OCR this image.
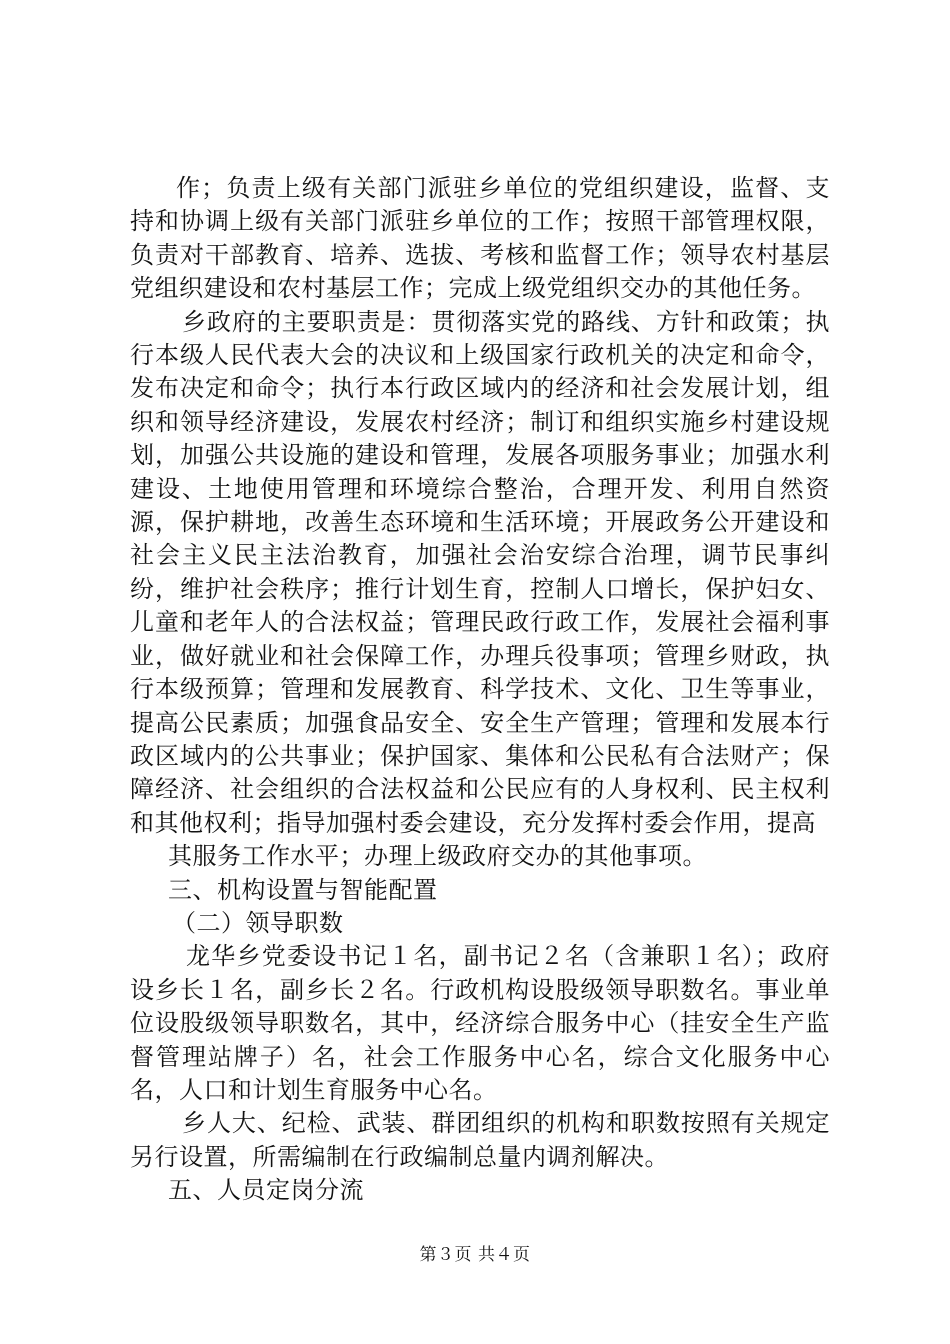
作；负责上级有关部门派驻乡单位的党组织建设，监督、支持和协调上级有关部门派驻乡单位的工作；按照干部管理权限，负责对干部教育、培养、选拔、考核和监督工作；领导农村基层党组织建设和农村基层工作；完成上级党组织交办的其他任务。

乡政府的主要职责是：贯彻落实党的路线、方针和政策；执行本级人民代表大会的决议和上级国家行政机关的决定和命令，发布决定和命令；执行本行政区域内的经济和社会发展计划，组织和领导经济建设，发展农村经济；制订和组织实施乡村建设规划，加强公共设施的建设和管理，发展各项服务事业；加强水利建设、土地使用管理和环境综合整治，合理开发、利用自然资源，保护耕地，改善生态环境和生活环境；开展政务公开建设和社会主义民主法治教育，加强社会治安综合治理，调节民事纠纷，维护社会秩序；推行计划生育，控制人口增长，保护妇女、儿童和老年人的合法权益；管理民政行政工作，发展社会福利事业，做好就业和社会保障工作，办理兵役事项；管理乡财政，执行本级预算；管理和发展教育、科学技术、文化、卫生等事业，提高公民素质；加强食品安全、安全生产管理；管理和发展本行政区域内的公共事业；保护国家、集体和公民私有合法财产；保障经济、社会组织的合法权益和公民应有的人身权利、民主权利和其他权利；指导加强村委会建设，充分发挥村委会作用，提高

其服务工作水平；办理上级政府交办的其他事项。

三、机构设置与智能配置

（二）领导职数

龙华乡党委设书记１名，副书记２名（含兼职１名）；政府设乡长１名，副乡长２名。行政机构设股级领导职数名。事业单位设股级领导职数名，其中，经济综合服务中心（挂安全生产监督管理站牌子）名，社会工作服务中心名，综合文化服务中心名，人口和计划生育服务中心名。

乡人大、纪检、武装、群团组织的机构和职数按照有关规定另行设置，所需编制在行政编制总量内调剂解决。

五、人员定岗分流

第３页 共４页
